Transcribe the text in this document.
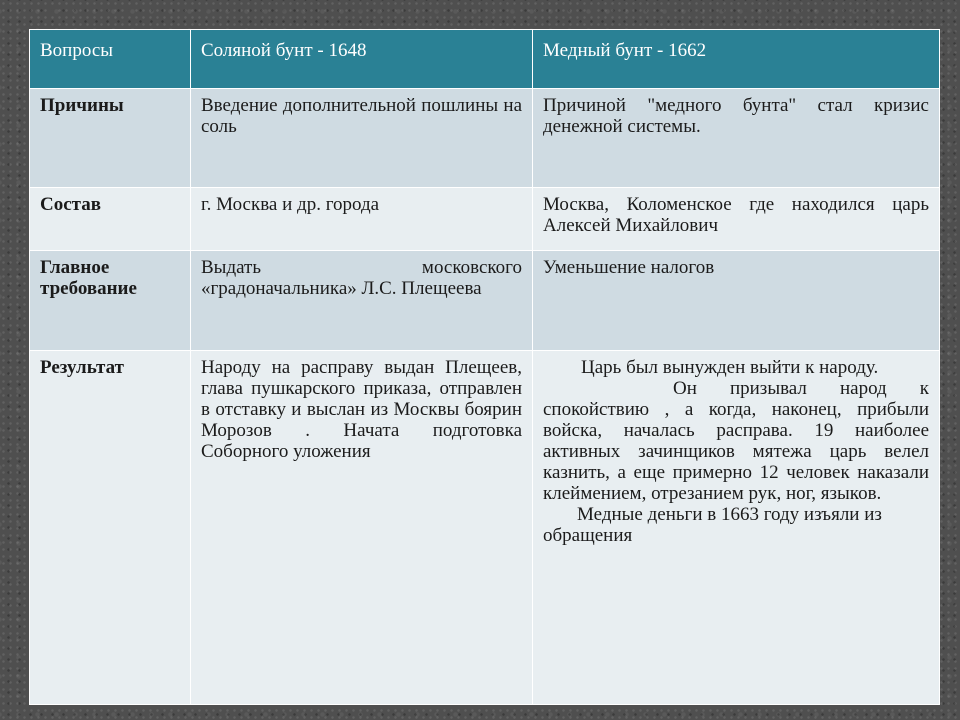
Вопросы	Соляной бунт - 1648	Медный бунт - 1662
Причины	Введение дополнительной пошлины на соль	Причиной "медного бунта" стал кризис денежной системы.
Состав	г. Москва и др. города	Москва, Коломенское где находился царь Алексей Михайлович
Главное требование	Выдать московского «градоначальника» Л.С. Плещеева	Уменьшение налогов
Результат	Народу на расправу выдан Плещеев, глава пушкарского приказа, отправлен в отставку и выслан из Москвы боярин Морозов . Начата подготовка Соборного уложения	Царь был вынужден выйти к народу.

Он призывал народ к спокойствию , а когда, наконец, прибыли войска, началась расправа. 19 наиболее активных зачинщиков мятежа царь велел казнить, а еще примерно 12 человек наказали клеймением, отрезанием рук, ног, языков.

Медные деньги в 1663 году изъяли из обращения
